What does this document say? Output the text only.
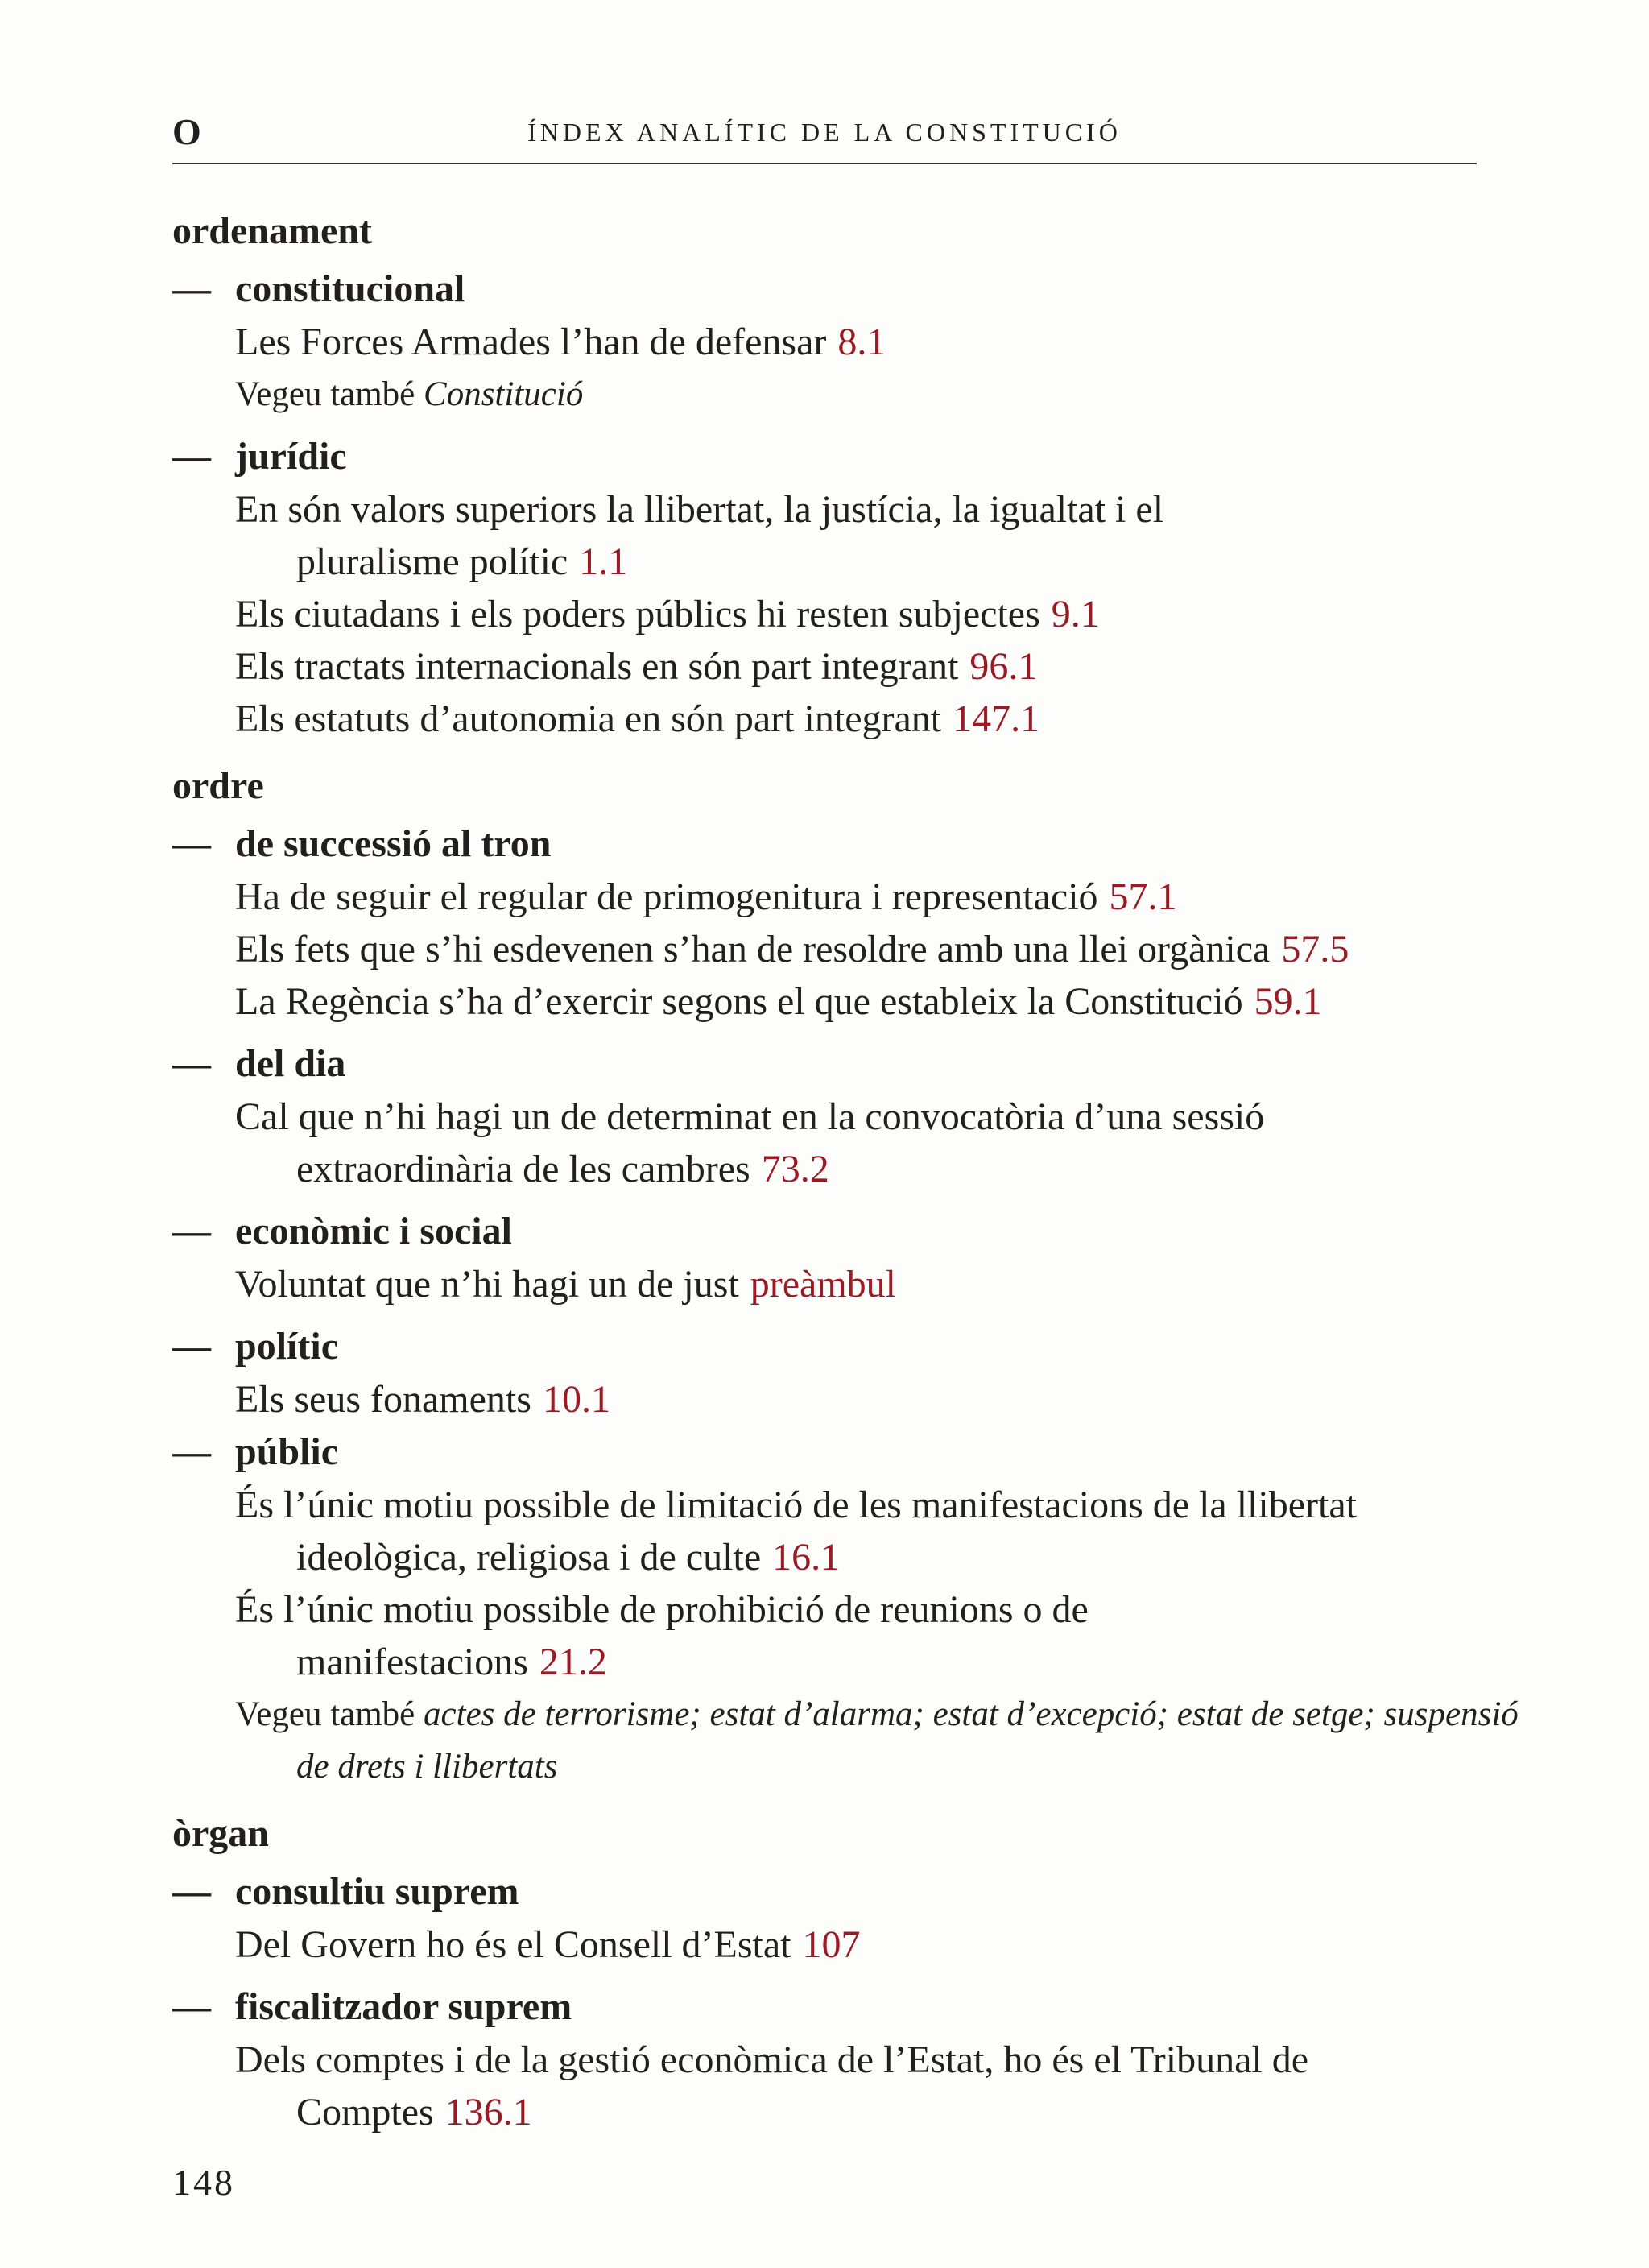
O	ÍNDEX ANALÍTIC DE LA CONSTITUCIÓ
ordenament
— constitucional
Les Forces Armades l’han de defensar 8.1
Vegeu també Constitució
— jurídic
En són valors superiors la llibertat, la justícia, la igualtat i el pluralisme polític 1.1
Els ciutadans i els poders públics hi resten subjectes 9.1
Els tractats internacionals en són part integrant 96.1
Els estatuts d’autonomia en són part integrant 147.1
ordre
— de successió al tron
Ha de seguir el regular de primogenitura i representació 57.1
Els fets que s’hi esdevenen s’han de resoldre amb una llei orgànica 57.5
La Regència s’ha d’exercir segons el que estableix la Constitució 59.1
— del dia
Cal que n’hi hagi un de determinat en la convocatòria d’una sessió extraordinària de les cambres 73.2
— econòmic i social
Voluntat que n’hi hagi un de just preàmbul
— polític
Els seus fonaments 10.1
— públic
És l’únic motiu possible de limitació de les manifestacions de la llibertat ideològica, religiosa i de culte 16.1
És l’únic motiu possible de prohibició de reunions o de manifestacions 21.2
Vegeu també actes de terrorisme; estat d’alarma; estat d’excepció; estat de setge; suspensió de drets i llibertats
òrgan
— consultiu suprem
Del Govern ho és el Consell d’Estat 107
— fiscalitzador suprem
Dels comptes i de la gestió econòmica de l’Estat, ho és el Tribunal de Comptes 136.1
148
